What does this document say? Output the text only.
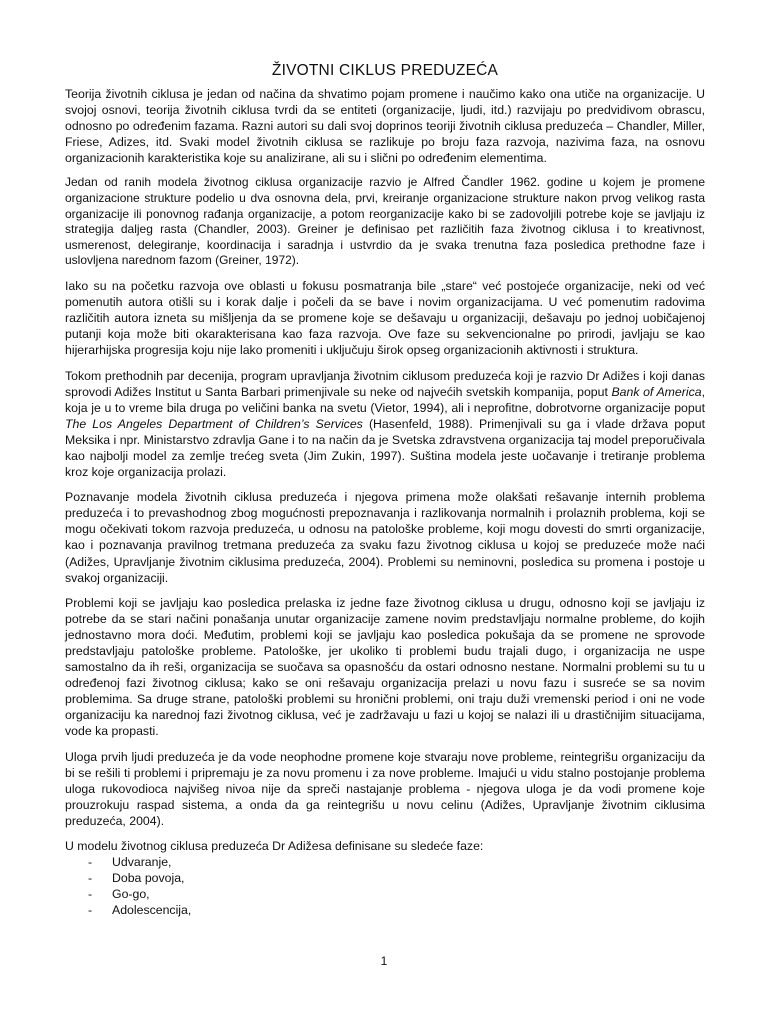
ŽIVOTNI CIKLUS PREDUZEĆA

Teorija životnih ciklusa je jedan od načina da shvatimo pojam promene i naučimo kako ona utiče na organizacije. U svojoj osnovi, teorija životnih ciklusa tvrdi da se entiteti (organizacije, ljudi, itd.) razvijaju po predvidivom obrascu, odnosno po određenim fazama. Razni autori su dali svoj doprinos teoriji životnih ciklusa preduzeća – Chandler, Miller, Friese, Adizes, itd. Svaki model životnih ciklusa se razlikuje po broju faza razvoja, nazivima faza, na osnovu organizacionih karakteristika koje su analizirane, ali su i slični po određenim elementima.

Jedan od ranih modela životnog ciklusa organizacije razvio je Alfred Čandler 1962. godine u kojem je promene organizacione strukture podelio u dva osnovna dela, prvi, kreiranje organizacione strukture nakon prvog velikog rasta organizacije ili ponovnog rađanja organizacije, a potom reorganizacije kako bi se zadovoljili potrebe koje se javljaju iz strategija daljeg rasta (Chandler, 2003). Greiner je definisao pet različitih faza životnog ciklusa i to kreativnost, usmerenost, delegiranje, koordinacija i saradnja i ustvrdio da je svaka trenutna faza posledica prethodne faze i uslovljena narednom fazom (Greiner, 1972).

Iako su na početku razvoja ove oblasti u fokusu posmatranja bile „stare“ već postojeće organizacije, neki od već pomenutih autora otišli su i korak dalje i počeli da se bave i novim organizacijama. U već pomenutim radovima različitih autora izneta su mišljenja da se promene koje se dešavaju u organizaciji, dešavaju po jednoj uobičajenoj putanji koja može biti okarakterisana kao faza razvoja. Ove faze su sekvencionalne po prirodi, javljaju se kao hijerarhijska progresija koju nije lako promeniti i uključuju širok opseg organizacionih aktivnosti i struktura.

Tokom prethodnih par decenija, program upravljanja životnim ciklusom preduzeća koji je razvio Dr Adižes i koji danas sprovodi Adižes Institut u Santa Barbari primenjivale su neke od najvećih svetskih kompanija, poput Bank of America, koja je u to vreme bila druga po veličini banka na svetu (Vietor, 1994), ali i neprofitne, dobrotvorne organizacije poput The Los Angeles Department of Children’s Services (Hasenfeld, 1988). Primenjivali su ga i vlade država poput Meksika i npr. Ministarstvo zdravlja Gane i to na način da je Svetska zdravstvena organizacija taj model preporučivala kao najbolji model za zemlje trećeg sveta (Jim Zukin, 1997). Suština modela jeste uočavanje i tretiranje problema kroz koje organizacija prolazi.

Poznavanje modela životnih ciklusa preduzeća i njegova primena može olakšati rešavanje internih problema preduzeća i to prevashodnog zbog mogućnosti prepoznavanja i razlikovanja normalnih i prolaznih problema, koji se mogu očekivati tokom razvoja preduzeća, u odnosu na patološke probleme, koji mogu dovesti do smrti organizacije, kao i poznavanja pravilnog tretmana preduzeća za svaku fazu životnog ciklusa u kojoj se preduzeće može naći (Adižes, Upravljanje životnim ciklusima preduzeća, 2004). Problemi su neminovni, posledica su promena i postoje u svakoj organizaciji.

Problemi koji se javljaju kao posledica prelaska iz jedne faze životnog ciklusa u drugu, odnosno koji se javljaju iz potrebe da se stari načini ponašanja unutar organizacije zamene novim predstavljaju normalne probleme, do kojih jednostavno mora doći. Međutim, problemi koji se javljaju kao posledica pokušaja da se promene ne sprovode predstavljaju patološke probleme. Patološke, jer ukoliko ti problemi budu trajali dugo, i organizacija ne uspe samostalno da ih reši, organizacija se suočava sa opasnošću da ostari odnosno nestane. Normalni problemi su tu u određenoj fazi životnog ciklusa; kako se oni rešavaju organizacija prelazi u novu fazu i susreće se sa novim problemima. Sa druge strane, patološki problemi su hronični problemi, oni traju duži vremenski period i oni ne vode organizaciju ka narednoj fazi životnog ciklusa, već je zadržavaju u fazi u kojoj se nalazi ili u drastičnijim situacijama, vode ka propasti.

Uloga prvih ljudi preduzeća je da vode neophodne promene koje stvaraju nove probleme, reintegrišu organizaciju da bi se rešili ti problemi i pripremaju je za novu promenu i za nove probleme. Imajući u vidu stalno postojanje problema uloga rukovodioca najvišeg nivoa nije da spreči nastajanje problema - njegova uloga je da vodi promene koje prouzrokuju raspad sistema, a onda da ga reintegrišu u novu celinu (Adižes, Upravljanje životnim ciklusima preduzeća, 2004).

U modelu životnog ciklusa preduzeća Dr Adižesa definisane su sledeće faze:

- Udvaranje,
- Doba povoja,
- Go-go,
- Adolescencija,
1
